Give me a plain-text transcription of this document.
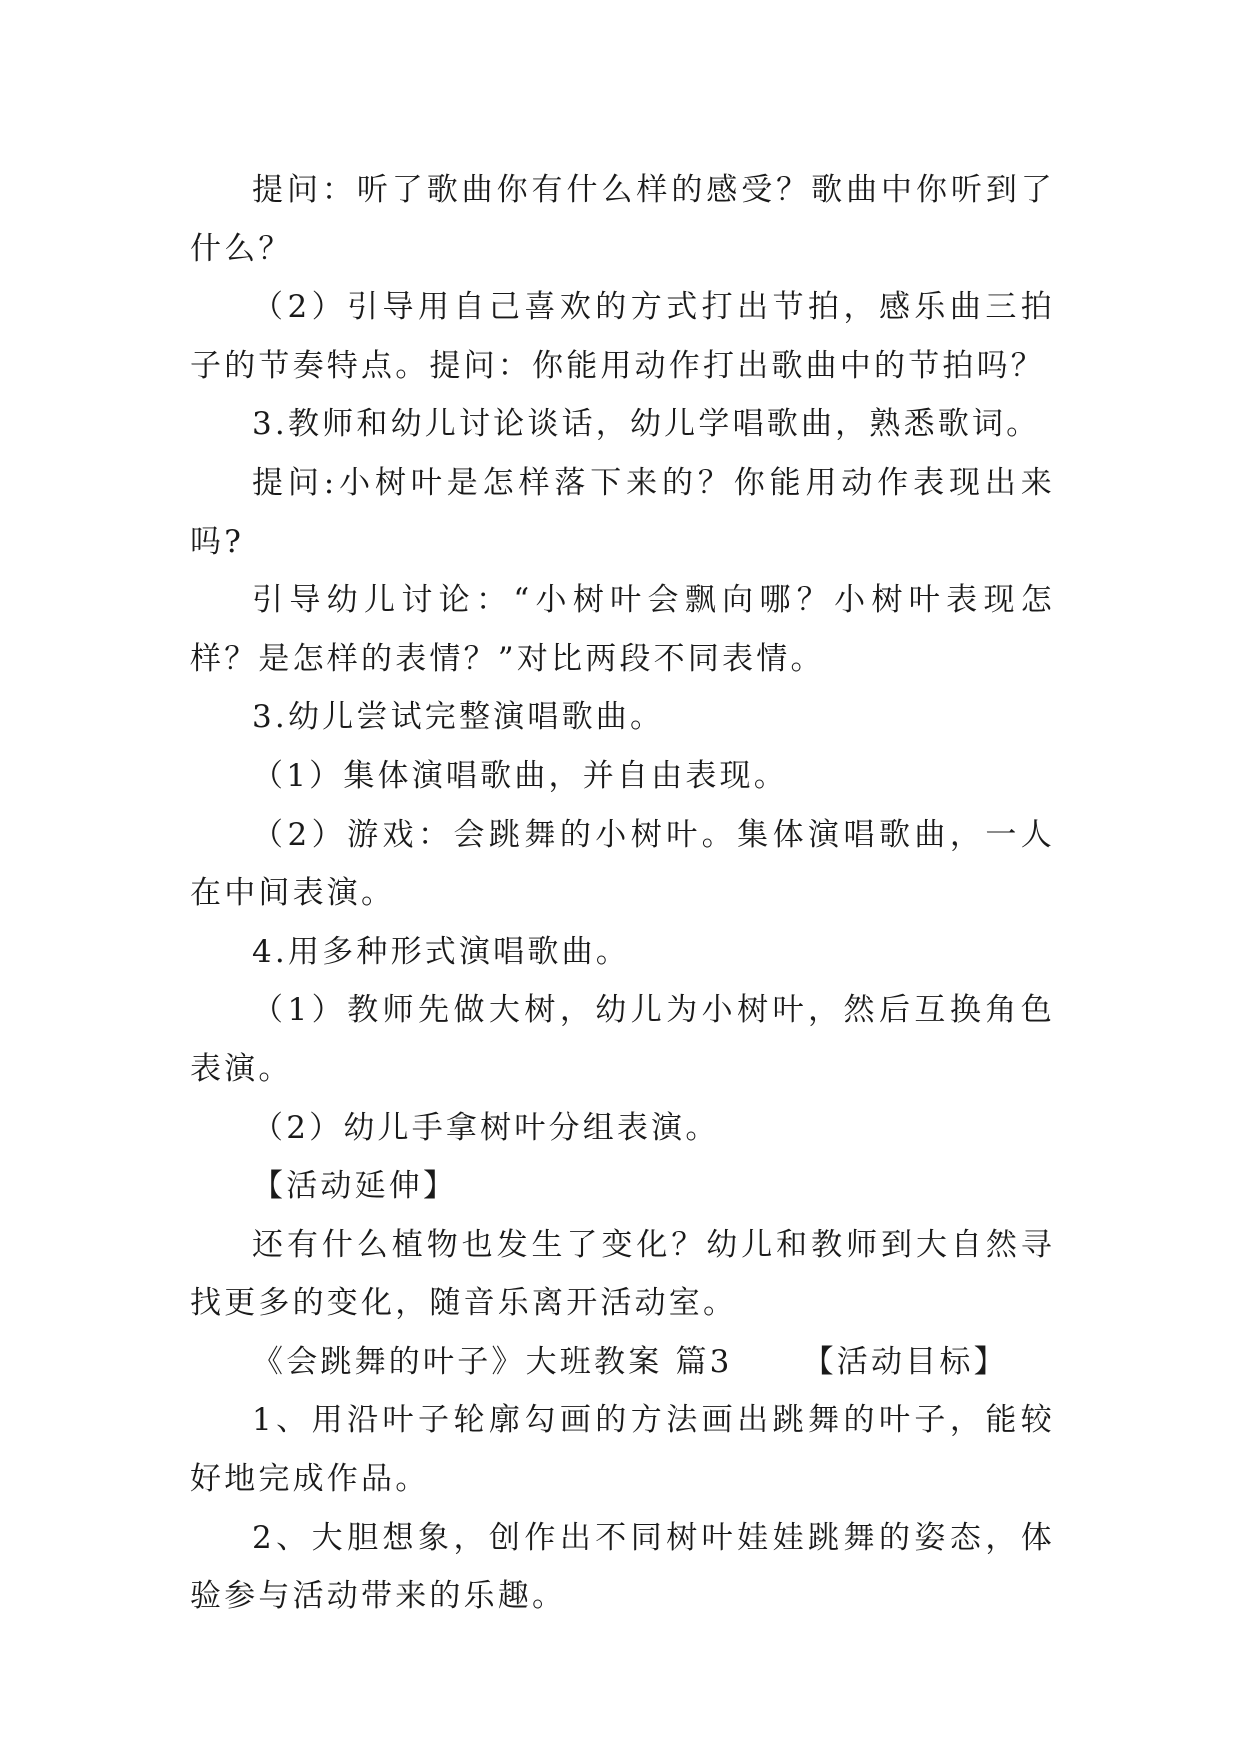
提问：听了歌曲你有什么样的感受？歌曲中你听到了什么？

（2）引导用自己喜欢的方式打出节拍，感乐曲三拍子的节奏特点。提问：你能用动作打出歌曲中的节拍吗？

3.教师和幼儿讨论谈话，幼儿学唱歌曲，熟悉歌词。

提问:小树叶是怎样落下来的？你能用动作表现出来吗?

引导幼儿讨论：“小树叶会飘向哪？小树叶表现怎样？是怎样的表情？”对比两段不同表情。

3.幼儿尝试完整演唱歌曲。

（1）集体演唱歌曲，并自由表现。

（2）游戏：会跳舞的小树叶。集体演唱歌曲，一人在中间表演。

4.用多种形式演唱歌曲。

（1）教师先做大树，幼儿为小树叶，然后互换角色表演。

（2）幼儿手拿树叶分组表演。

【活动延伸】

还有什么植物也发生了变化？幼儿和教师到大自然寻找更多的变化，随音乐离开活动室。

《会跳舞的叶子》大班教案 篇3 【活动目标】

1、用沿叶子轮廓勾画的方法画出跳舞的叶子，能较好地完成作品。

2、大胆想象，创作出不同树叶娃娃跳舞的姿态，体验参与活动带来的乐趣。
